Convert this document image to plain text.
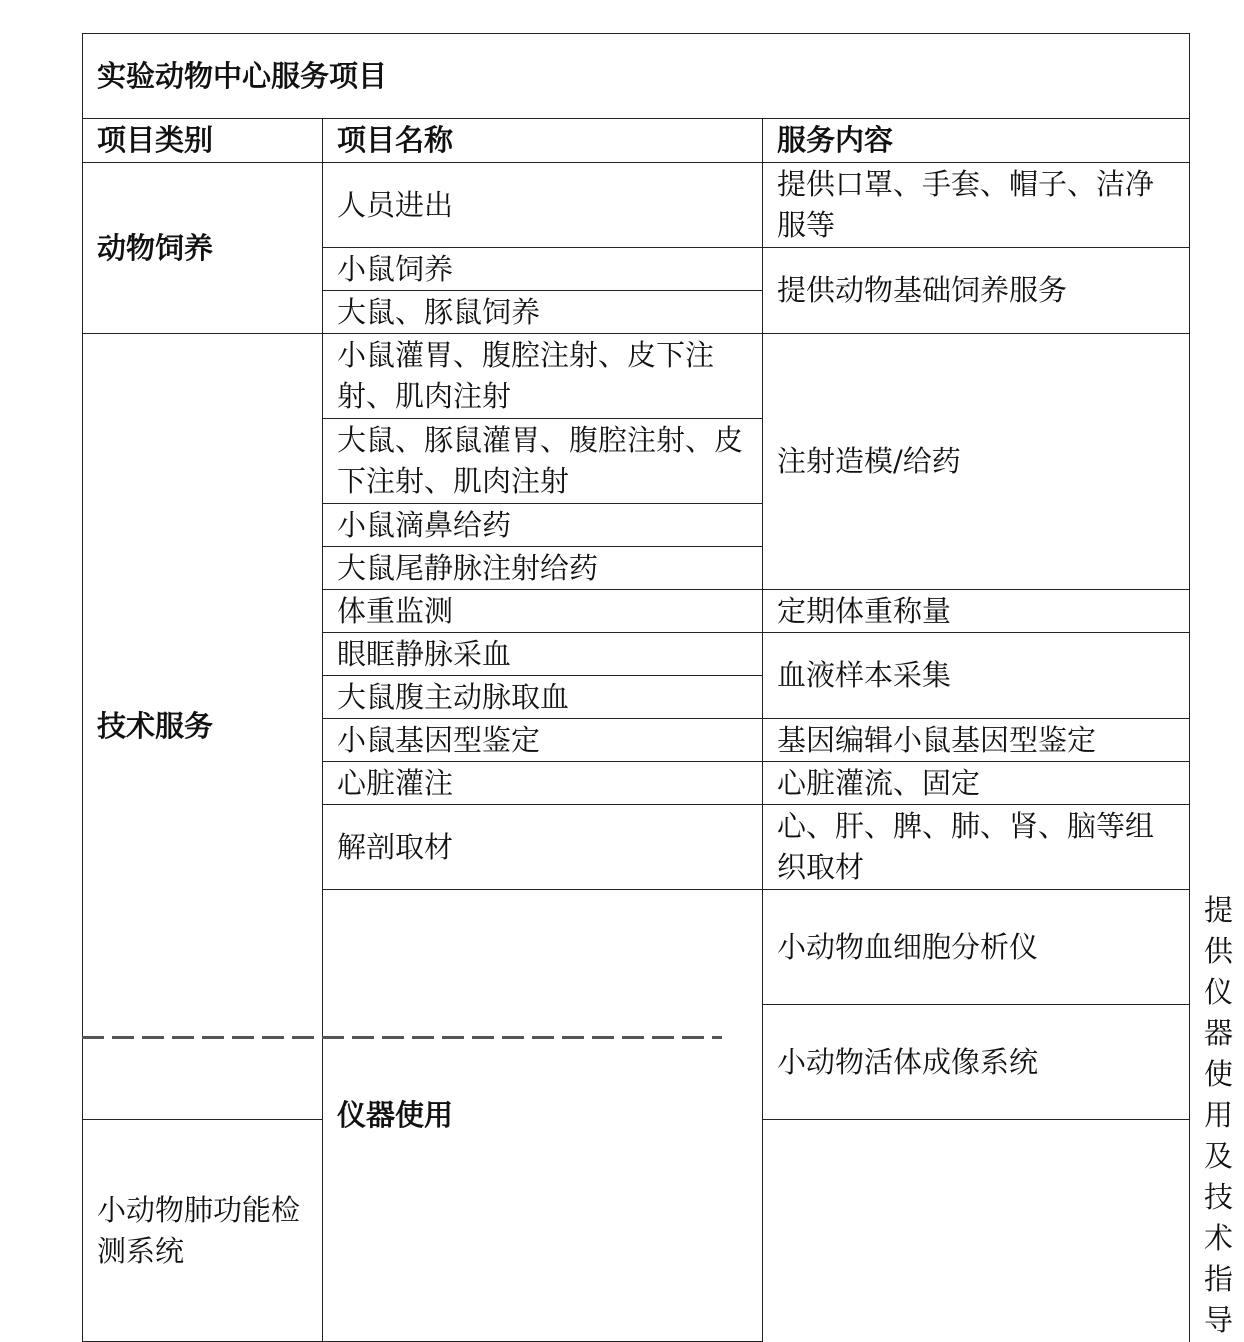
实验动物中心服务项目			
项目类别	项目名称	服务内容	
动物饲养	人员进出	提供口罩、手套、帽子、洁净服等	
	小鼠饲养	提供动物基础饲养服务	
	大鼠、豚鼠饲养		
技术服务	小鼠灌胃、腹腔注射、皮下注射、肌肉注射	注射造模/给药	
	大鼠、豚鼠灌胃、腹腔注射、皮下注射、肌肉注射		
	小鼠滴鼻给药		
	大鼠尾静脉注射给药		
	体重监测	定期体重称量	
	眼眶静脉采血	血液样本采集	
	大鼠腹主动脉取血		
	小鼠基因型鉴定	基因编辑小鼠基因型鉴定	
	心脏灌注	心脏灌流、固定	
	解剖取材	心、肝、脾、肺、肾、脑等组织取材	
	仪器使用	小动物血细胞分析仪	提供仪器使用及技术指导
		小动物活体成像系统	
小动物肺功能检测系统			
